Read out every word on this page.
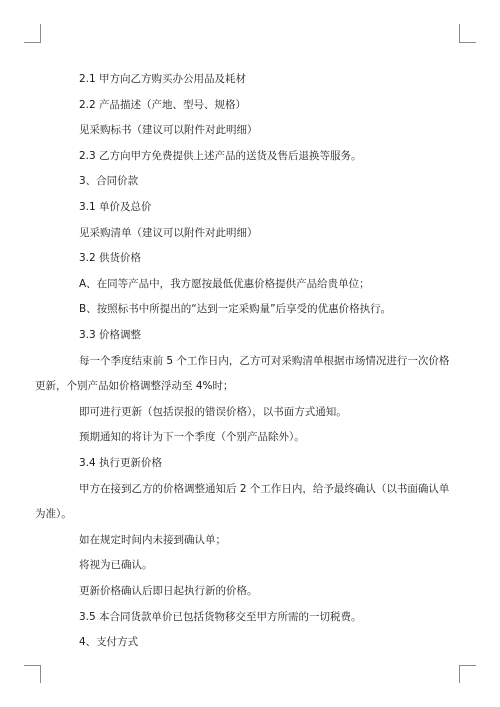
2.1 甲方向乙方购买办公用品及耗材
2.2 产品描述（产地、型号、规格）
见采购标书（建议可以附件对此明细）
2.3 乙方向甲方免费提供上述产品的送货及售后退换等服务。
3、合同价款
3.1 单价及总价
见采购清单（建议可以附件对此明细）
3.2 供货价格
A、在同等产品中，我方愿按最低优惠价格提供产品给贵单位；
B、按照标书中所提出的“达到一定采购量”后享受的优惠价格执行。
3.3 价格调整
每一个季度结束前 5 个工作日内，乙方可对采购清单根据市场情况进行一次价格
更新，个别产品如价格调整浮动至 4%时；
即可进行更新（包括误报的错误价格），以书面方式通知。
预期通知的将计为下一个季度（个别产品除外）。
3.4 执行更新价格
甲方在接到乙方的价格调整通知后 2 个工作日内，给予最终确认（以书面确认单
为准）。
如在规定时间内未接到确认单；
将视为已确认。
更新价格确认后即日起执行新的价格。
3.5 本合同货款单价已包括货物移交至甲方所需的一切税费。
4、支付方式
